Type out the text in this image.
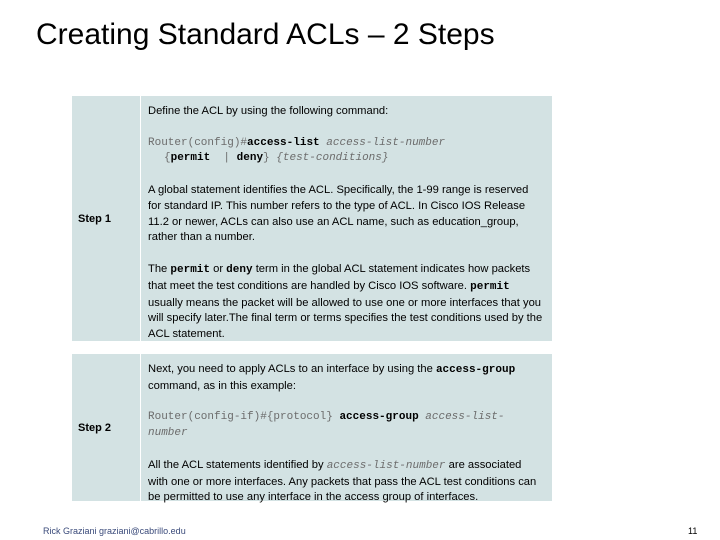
Creating Standard ACLs – 2 Steps
Step 1

Define the ACL by using the following command:

Router(config)#access-list access-list-number

{permit | deny} {test-conditions}

A global statement identifies the ACL. Specifically, the 1-99 range is reserved for standard IP. This number refers to the type of ACL. In Cisco IOS Release 11.2 or newer, ACLs can also use an ACL name, such as education_group, rather than a number.

The permit or deny term in the global ACL statement indicates how packets that meet the test conditions are handled by Cisco IOS software. permit usually means the packet will be allowed to use one or more interfaces that you will specify later.The final term or terms specifies the test conditions used by the ACL statement.

Step 2

Next, you need to apply ACLs to an interface by using the access-group command, as in this example:

Router(config-if)#{protocol} access-group access-list-number

All the ACL statements identified by access-list-number are associated with one or more interfaces. Any packets that pass the ACL test conditions can be permitted to use any interface in the access group of interfaces.

Rick Graziani graziani@cabrillo.edu	11
